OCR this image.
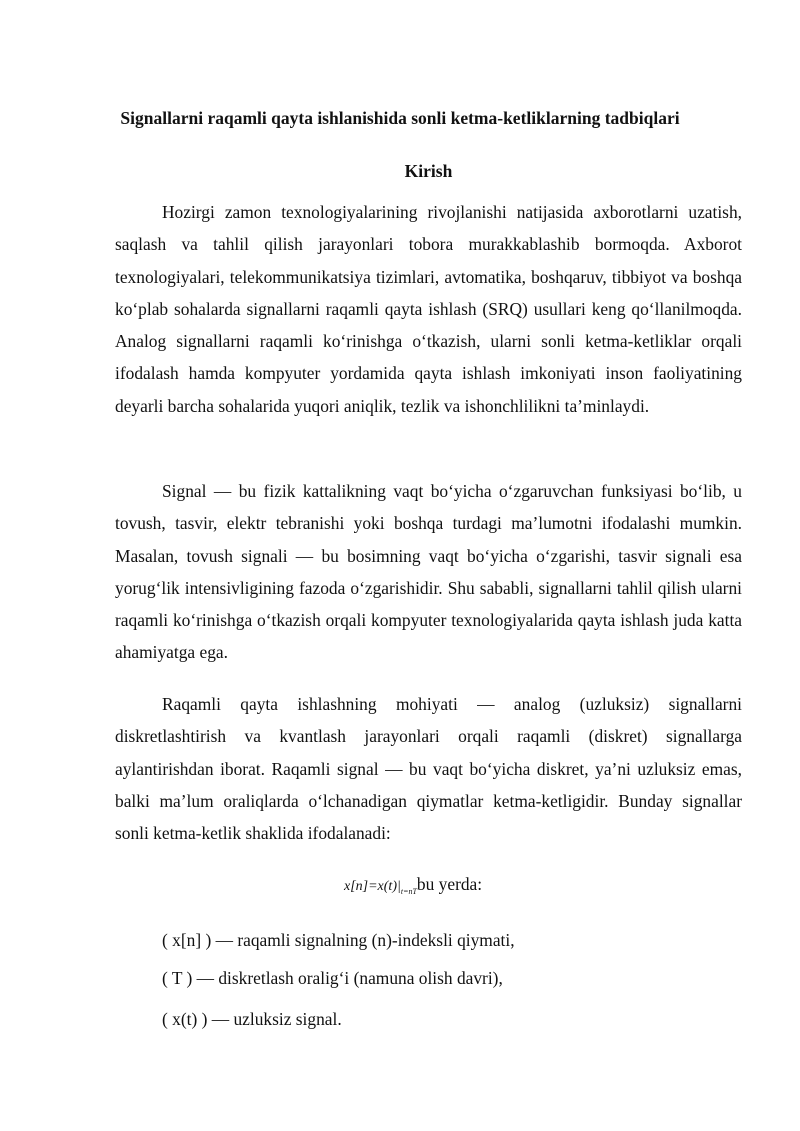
Signallarni raqamli qayta ishlanishida sonli ketma-ketliklarning tadbiqlari
Kirish

Hozirgi zamon texnologiyalarining rivojlanishi natijasida axborotlarni uzatish, saqlash va tahlil qilish jarayonlari tobora murakkablashib bormoqda. Axborot texnologiyalari, telekommunikatsiya tizimlari, avtomatika, boshqaruv, tibbiyot va boshqa ko‘plab sohalarda signallarni raqamli qayta ishlash (SRQ) usullari keng qo‘llanilmoqda. Analog signallarni raqamli ko‘rinishga o‘tkazish, ularni sonli ketma-ketliklar orqali ifodalash hamda kompyuter yordamida qayta ishlash imkoniyati inson faoliyatining deyarli barcha sohalarida yuqori aniqlik, tezlik va ishonchlilikni ta’minlaydi.

Signal — bu fizik kattalikning vaqt bo‘yicha o‘zgaruvchan funksiyasi bo‘lib, u tovush, tasvir, elektr tebranishi yoki boshqa turdagi ma’lumotni ifodalashi mumkin. Masalan, tovush signali — bu bosimning vaqt bo‘yicha o‘zgarishi, tasvir signali esa yorug‘lik intensivligining fazoda o‘zgarishidir. Shu sababli, signallarni tahlil qilish ularni raqamli ko‘rinishga o‘tkazish orqali kompyuter texnologiyalarida qayta ishlash juda katta ahamiyatga ega.

Raqamli qayta ishlashning mohiyati — analog (uzluksiz) signallarni diskretlashtirish va kvantlash jarayonlari orqali raqamli (diskret) signallarga aylantirishdan iborat. Raqamli signal — bu vaqt bo‘yicha diskret, ya’ni uzluksiz emas, balki ma’lum oraliqlarda o‘lchanadigan qiymatlar ketma-ketligidir. Bunday signallar sonli ketma-ketlik shaklida ifodalanadi:

$x[n]=x(t)|_{t=nT}bu$ yerda:
( x[n] ) — raqamli signalning (n)-indeksli qiymati,
( T ) — diskretlash oralig‘i (namuna olish davri),
( x(t) ) — uzluksiz signal.
